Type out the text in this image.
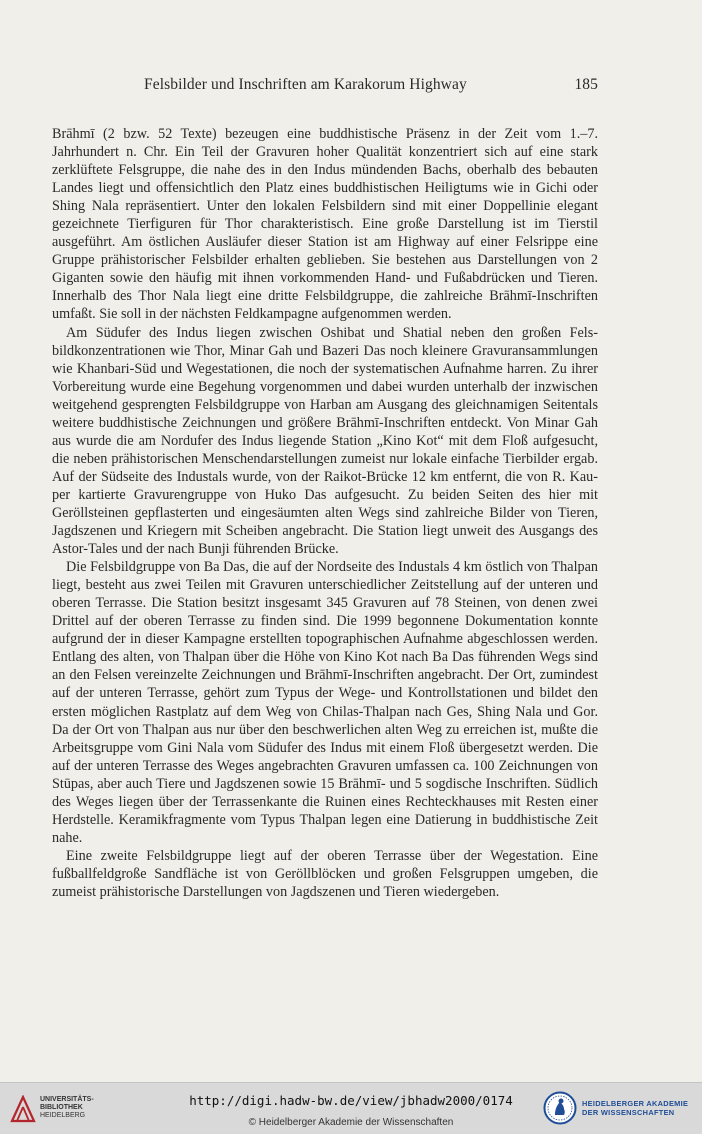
Felsbilder und Inschriften am Karakorum Highway	185

Brāhmī (2 bzw. 52 Texte) bezeugen eine buddhistische Präsenz in der Zeit vom 1.–7. Jahrhundert n. Chr. Ein Teil der Gravuren hoher Qualität konzentriert sich auf eine stark zerklüftete Felsgruppe, die nahe des in den Indus mündenden Bachs, oberhalb des bebauten Landes liegt und offensichtlich den Platz eines buddhistischen Heiligtums wie in Gichi oder Shing Nala repräsentiert. Unter den lokalen Felsbildern sind mit einer Doppellinie elegant gezeichnete Tierfiguren für Thor charakteristisch. Eine große Darstellung ist im Tierstil ausgeführt. Am östlichen Ausläufer dieser Station ist am Highway auf einer Felsrippe eine Gruppe prähistorischer Felsbilder erhalten geblieben. Sie bestehen aus Darstellungen von 2 Giganten sowie den häufig mit ihnen vorkommenden Hand- und Fußabdrücken und Tieren. Innerhalb des Thor Nala liegt eine dritte Felsbildgruppe, die zahlreiche Brāhmī-Inschriften umfaßt. Sie soll in der nächsten Feldkampagne aufgenommen werden.

Am Südufer des Indus liegen zwischen Oshibat und Shatial neben den großen Felsbildkonzentrationen wie Thor, Minar Gah und Bazeri Das noch kleinere Gravuransammlungen wie Khanbari-Süd und Wegestationen, die noch der systematischen Aufnahme harren. Zu ihrer Vorbereitung wurde eine Begehung vorgenommen und dabei wurden unterhalb der inzwischen weitgehend gesprengten Felsbildgruppe von Harban am Ausgang des gleichnamigen Seitentals weitere buddhistische Zeichnungen und größere Brāhmī-Inschriften entdeckt. Von Minar Gah aus wurde die am Nordufer des Indus liegende Station „Kino Kot“ mit dem Floß aufgesucht, die neben prähistorischen Menschendarstellungen zumeist nur lokale einfache Tierbilder ergab. Auf der Südseite des Industals wurde, von der Raikot-Brücke 12 km entfernt, die von R. Kauper kartierte Gravurengruppe von Huko Das aufgesucht. Zu beiden Seiten des hier mit Geröllsteinen gepflasterten und eingesäumten alten Wegs sind zahlreiche Bilder von Tieren, Jagdszenen und Kriegern mit Scheiben angebracht. Die Station liegt unweit des Ausgangs des Astor-Tales und der nach Bunji führenden Brücke.

Die Felsbildgruppe von Ba Das, die auf der Nordseite des Industals 4 km östlich von Thalpan liegt, besteht aus zwei Teilen mit Gravuren unterschiedlicher Zeitstellung auf der unteren und oberen Terrasse. Die Station besitzt insgesamt 345 Gravuren auf 78 Steinen, von denen zwei Drittel auf der oberen Terrasse zu finden sind. Die 1999 begonnene Dokumentation konnte aufgrund der in dieser Kampagne erstellten topographischen Aufnahme abgeschlossen werden. Entlang des alten, von Thalpan über die Höhe von Kino Kot nach Ba Das führenden Wegs sind an den Felsen vereinzelte Zeichnungen und Brāhmī-Inschriften angebracht. Der Ort, zumindest auf der unteren Terrasse, gehört zum Typus der Wege- und Kontrollstationen und bildet den ersten möglichen Rastplatz auf dem Weg von Chilas-Thalpan nach Ges, Shing Nala und Gor. Da der Ort von Thalpan aus nur über den beschwerlichen alten Weg zu erreichen ist, mußte die Arbeitsgruppe vom Gini Nala vom Südufer des Indus mit einem Floß übergesetzt werden. Die auf der unteren Terrasse des Weges angebrachten Gravuren umfassen ca. 100 Zeichnungen von Stūpas, aber auch Tiere und Jagdszenen sowie 15 Brāhmī- und 5 sogdische Inschriften. Südlich des Weges liegen über der Terrassenkante die Ruinen eines Rechteckhauses mit Resten einer Herdstelle. Keramikfragmente vom Typus Thalpan legen eine Datierung in buddhistische Zeit nahe.

Eine zweite Felsbildgruppe liegt auf der oberen Terrasse über der Wegestation. Eine fußballfeldgroße Sandfläche ist von Geröllblöcken und großen Felsgruppen umgeben, die zumeist prähistorische Darstellungen von Jagdszenen und Tieren wiedergeben.

UNIVERSITÄTS-
BIBLIOTHEK
HEIDELBERG
http://digi.hadw-bw.de/view/jbhadw2000/0174
© Heidelberger Akademie der Wissenschaften
HEIDELBERGER AKADEMIE
DER WISSENSCHAFTEN
